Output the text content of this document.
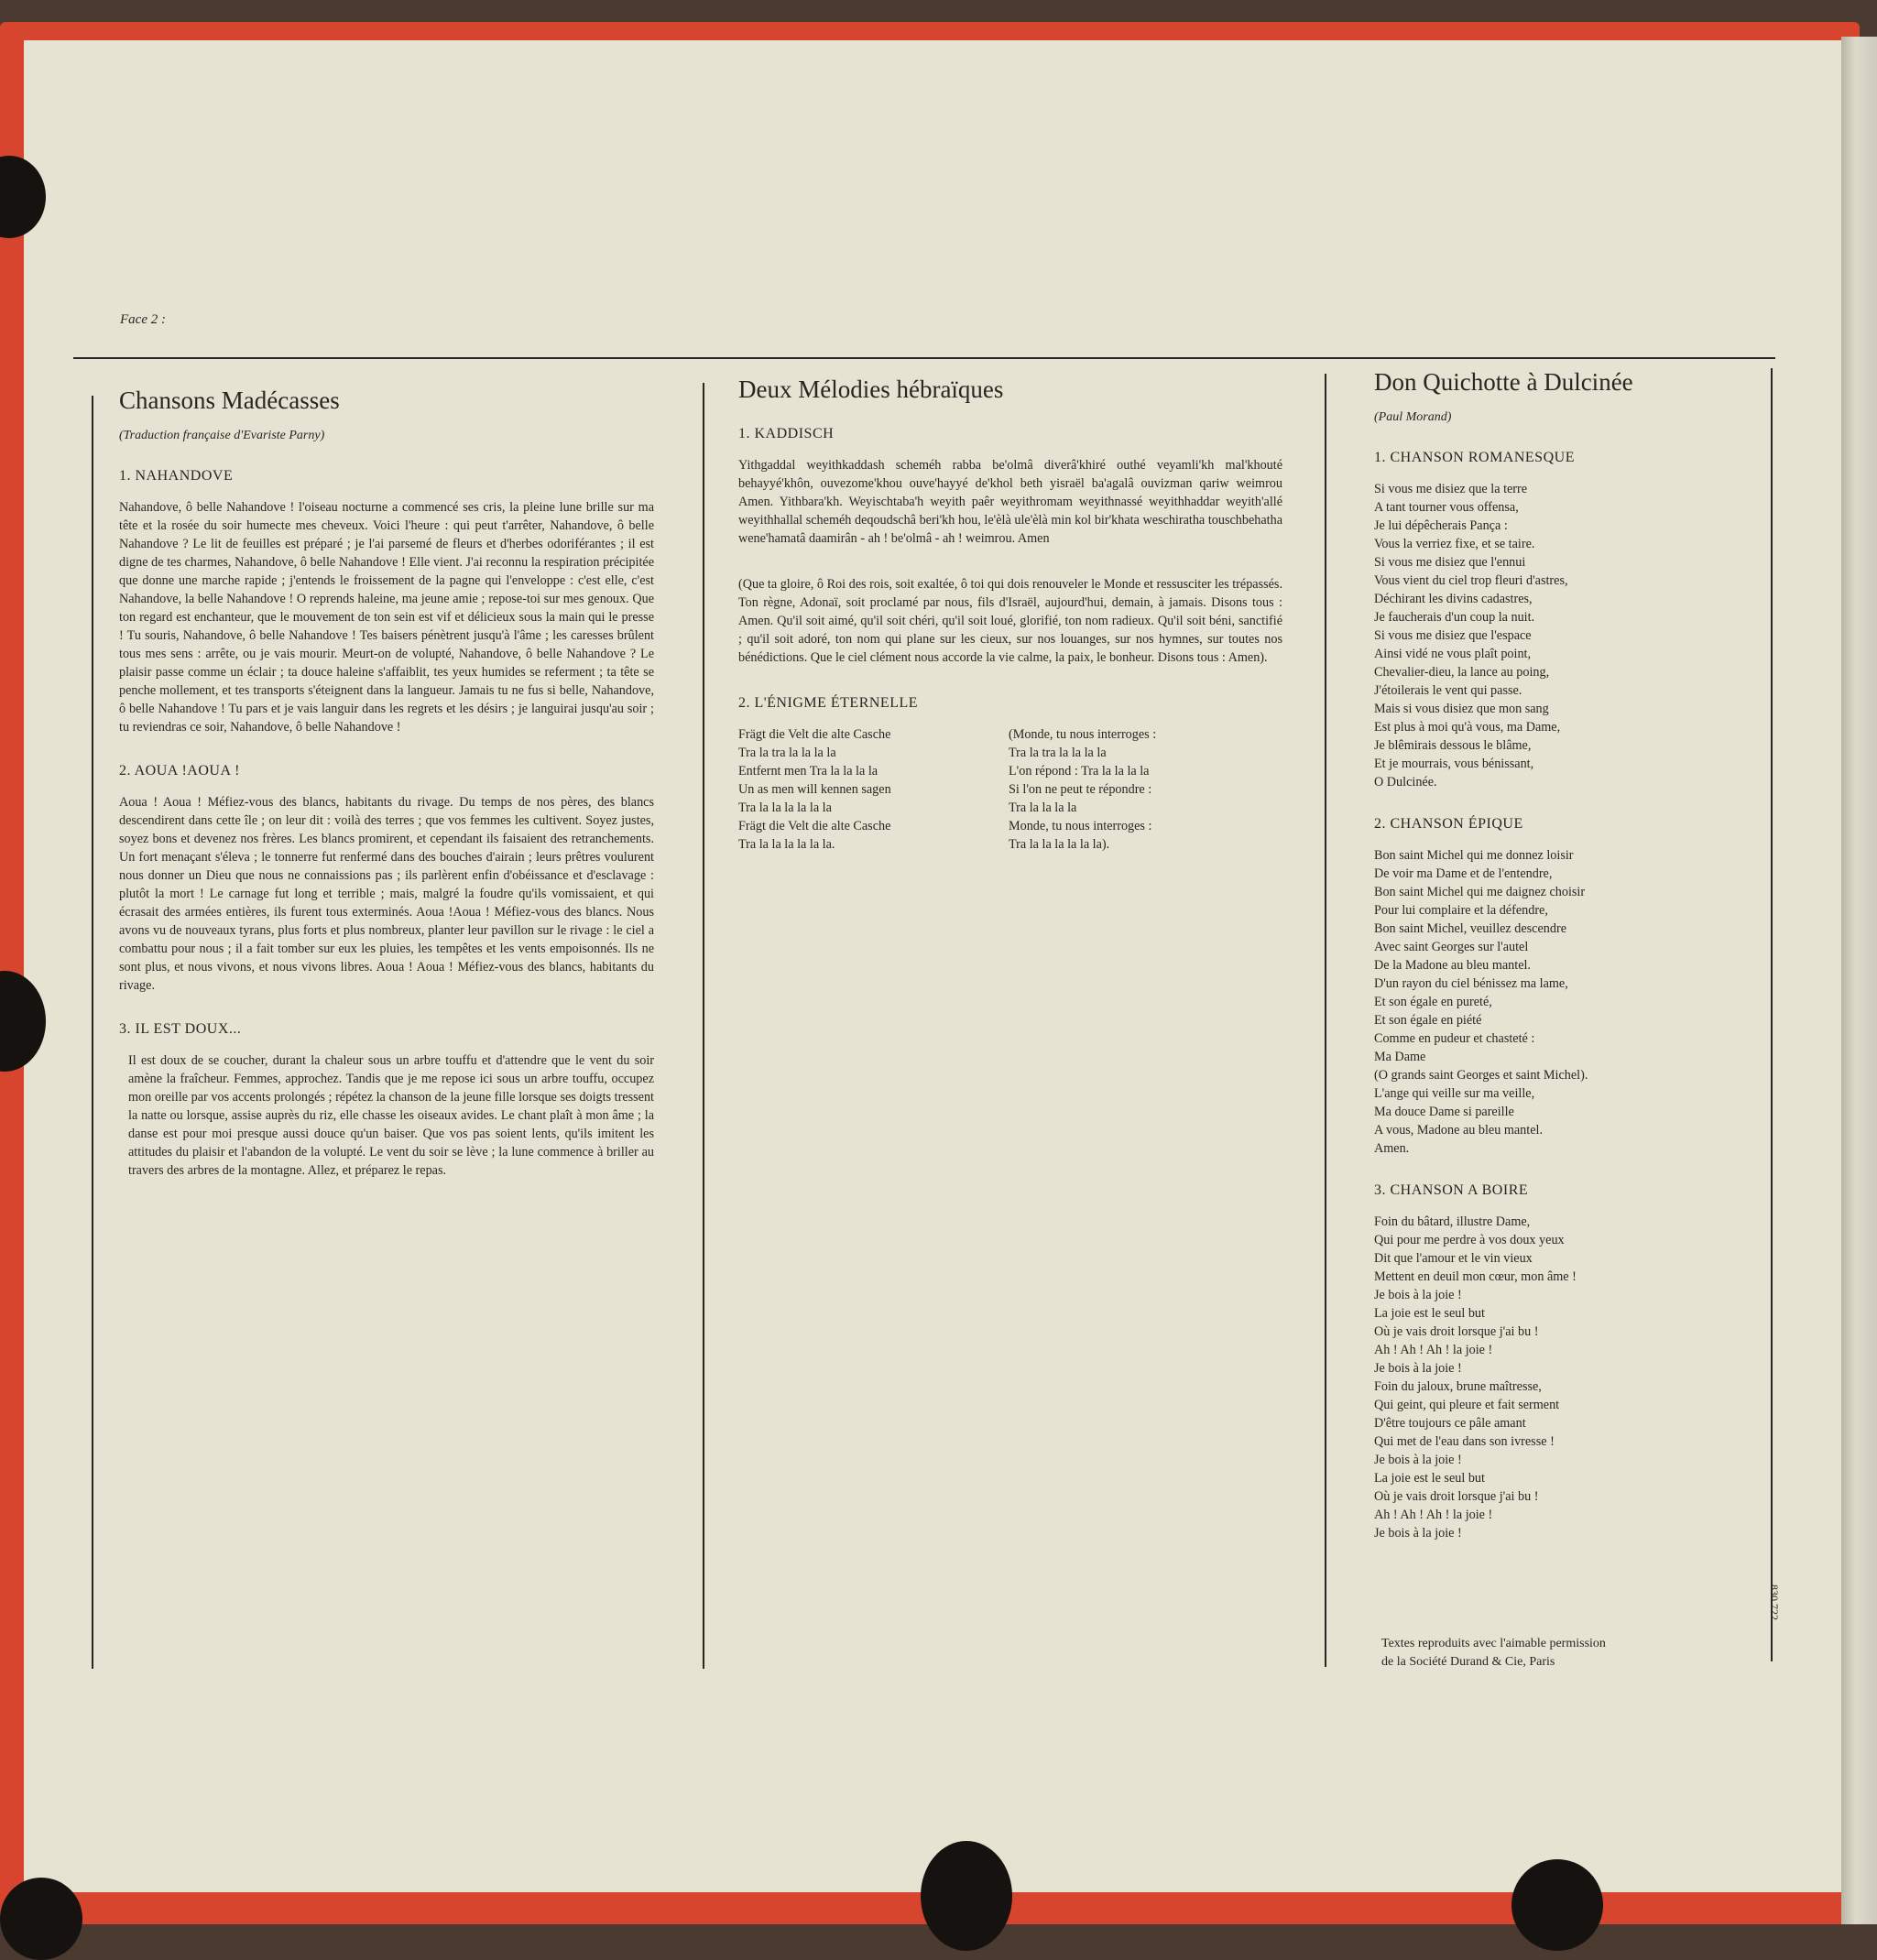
Face 2 :
Chansons Madécasses
(Traduction française d'Evariste Parny)
1. NAHANDOVE

Nahandove, ô belle Nahandove ! l'oiseau nocturne a commencé ses cris, la pleine lune brille sur ma tête et la rosée du soir humecte mes cheveux. Voici l'heure : qui peut t'arrêter, Nahandove, ô belle Nahandove ? Le lit de feuilles est préparé ; je l'ai parsemé de fleurs et d'herbes odoriférantes ; il est digne de tes charmes, Nahandove, ô belle Nahandove ! Elle vient. J'ai reconnu la respiration précipitée que donne une marche rapide ; j'entends le froissement de la pagne qui l'enveloppe : c'est elle, c'est Nahandove, la belle Nahandove ! O reprends haleine, ma jeune amie ; repose-toi sur mes genoux. Que ton regard est enchanteur, que le mouvement de ton sein est vif et délicieux sous la main qui le presse ! Tu souris, Nahandove, ô belle Nahandove ! Tes baisers pénètrent jusqu'à l'âme ; les caresses brûlent tous mes sens : arrête, ou je vais mourir. Meurt-on de volupté, Nahandove, ô belle Nahandove ? Le plaisir passe comme un éclair ; ta douce haleine s'affaiblit, tes yeux humides se referment ; ta tête se penche mollement, et tes transports s'éteignent dans la langueur. Jamais tu ne fus si belle, Nahandove, ô belle Nahandove ! Tu pars et je vais languir dans les regrets et les désirs ; je languirai jusqu'au soir ; tu reviendras ce soir, Nahandove, ô belle Nahandove !

2. AOUA !AOUA !

Aoua ! Aoua ! Méfiez-vous des blancs, habitants du rivage. Du temps de nos pères, des blancs descendirent dans cette île ; on leur dit : voilà des terres ; que vos femmes les cultivent. Soyez justes, soyez bons et devenez nos frères. Les blancs promirent, et cependant ils faisaient des retranchements. Un fort menaçant s'éleva ; le tonnerre fut renfermé dans des bouches d'airain ; leurs prêtres voulurent nous donner un Dieu que nous ne connaissions pas ; ils parlèrent enfin d'obéissance et d'esclavage : plutôt la mort ! Le carnage fut long et terrible ; mais, malgré la foudre qu'ils vomissaient, et qui écrasait des armées entières, ils furent tous exterminés. Aoua !Aoua ! Méfiez-vous des blancs. Nous avons vu de nouveaux tyrans, plus forts et plus nombreux, planter leur pavillon sur le rivage : le ciel a combattu pour nous ; il a fait tomber sur eux les pluies, les tempêtes et les vents empoisonnés. Ils ne sont plus, et nous vivons, et nous vivons libres. Aoua ! Aoua ! Méfiez-vous des blancs, habitants du rivage.

3. IL EST DOUX...

Il est doux de se coucher, durant la chaleur sous un arbre touffu et d'attendre que le vent du soir amène la fraîcheur. Femmes, approchez. Tandis que je me repose ici sous un arbre touffu, occupez mon oreille par vos accents prolongés ; répétez la chanson de la jeune fille lorsque ses doigts tressent la natte ou lorsque, assise auprès du riz, elle chasse les oiseaux avides. Le chant plaît à mon âme ; la danse est pour moi presque aussi douce qu'un baiser. Que vos pas soient lents, qu'ils imitent les attitudes du plaisir et l'abandon de la volupté. Le vent du soir se lève ; la lune commence à briller au travers des arbres de la montagne. Allez, et préparez le repas.

Deux Mélodies hébraïques
1. KADDISCH

Yithgaddal weyithkaddash scheméh rabba be'olmâ diverâ'khiré outhé veyamli'kh mal'khouté behayyé'khôn, ouvezome'khou ouve'hayyé de'khol beth yisraël ba'agalâ ouvizman qariw weimrou Amen. Yithbara'kh. Weyischtaba'h weyith paêr weyithromam weyithnassé weyithhaddar weyith'allé weyithhallal scheméh deqoudschâ beri'kh hou, le'èlà ule'èlà min kol bir'khata weschiratha touschbehatha wene'hamatâ daamirân - ah ! be'olmâ - ah ! weimrou. Amen

(Que ta gloire, ô Roi des rois, soit exaltée, ô toi qui dois renouveler le Monde et ressusciter les trépassés. Ton règne, Adonaï, soit proclamé par nous, fils d'Israël, aujourd'hui, demain, à jamais. Disons tous : Amen. Qu'il soit aimé, qu'il soit chéri, qu'il soit loué, glorifié, ton nom radieux. Qu'il soit béni, sanctifié ; qu'il soit adoré, ton nom qui plane sur les cieux, sur nos louanges, sur nos hymnes, sur toutes nos bénédictions. Que le ciel clément nous accorde la vie calme, la paix, le bonheur. Disons tous : Amen).

2. L'ÉNIGME ÉTERNELLE
Frägt die Velt die alte Casche
Tra la tra la la la la
Entfernt men Tra la la la la
Un as men will kennen sagen
Tra la la la la la la
Frägt die Velt die alte Casche
Tra la la la la la la.
(Monde, tu nous interroges :
Tra la tra la la la la
L'on répond : Tra la la la la
Si l'on ne peut te répondre :
Tra la la la la
Monde, tu nous interroges :
Tra la la la la la la).
Don Quichotte à Dulcinée
(Paul Morand)
1. CHANSON ROMANESQUE
Si vous me disiez que la terre
A tant tourner vous offensa,
Je lui dépêcherais Pança :
Vous la verriez fixe, et se taire.
Si vous me disiez que l'ennui
Vous vient du ciel trop fleuri d'astres,
Déchirant les divins cadastres,
Je faucherais d'un coup la nuit.
Si vous me disiez que l'espace
Ainsi vidé ne vous plaît point,
Chevalier-dieu, la lance au poing,
J'étoilerais le vent qui passe.
Mais si vous disiez que mon sang
Est plus à moi qu'à vous, ma Dame,
Je blêmirais dessous le blâme,
Et je mourrais, vous bénissant,
O Dulcinée.
2. CHANSON ÉPIQUE
Bon saint Michel qui me donnez loisir
De voir ma Dame et de l'entendre,
Bon saint Michel qui me daignez choisir
Pour lui complaire et la défendre,
Bon saint Michel, veuillez descendre
Avec saint Georges sur l'autel
De la Madone au bleu mantel.
D'un rayon du ciel bénissez ma lame,
Et son égale en pureté,
Et son égale en piété
Comme en pudeur et chasteté :
Ma Dame
(O grands saint Georges et saint Michel).
L'ange qui veille sur ma veille,
Ma douce Dame si pareille
A vous, Madone au bleu mantel.
Amen.
3. CHANSON A BOIRE
Foin du bâtard, illustre Dame,
Qui pour me perdre à vos doux yeux
Dit que l'amour et le vin vieux
Mettent en deuil mon cœur, mon âme !
Je bois à la joie !
La joie est le seul but
Où je vais droit lorsque j'ai bu !
Ah ! Ah ! Ah ! la joie !
Je bois à la joie !
Foin du jaloux, brune maîtresse,
Qui geint, qui pleure et fait serment
D'être toujours ce pâle amant
Qui met de l'eau dans son ivresse !
Je bois à la joie !
La joie est le seul but
Où je vais droit lorsque j'ai bu !
Ah ! Ah ! Ah ! la joie !
Je bois à la joie !
Textes reproduits avec l'aimable permission
de la Société Durand & Cie, Paris
830 722
